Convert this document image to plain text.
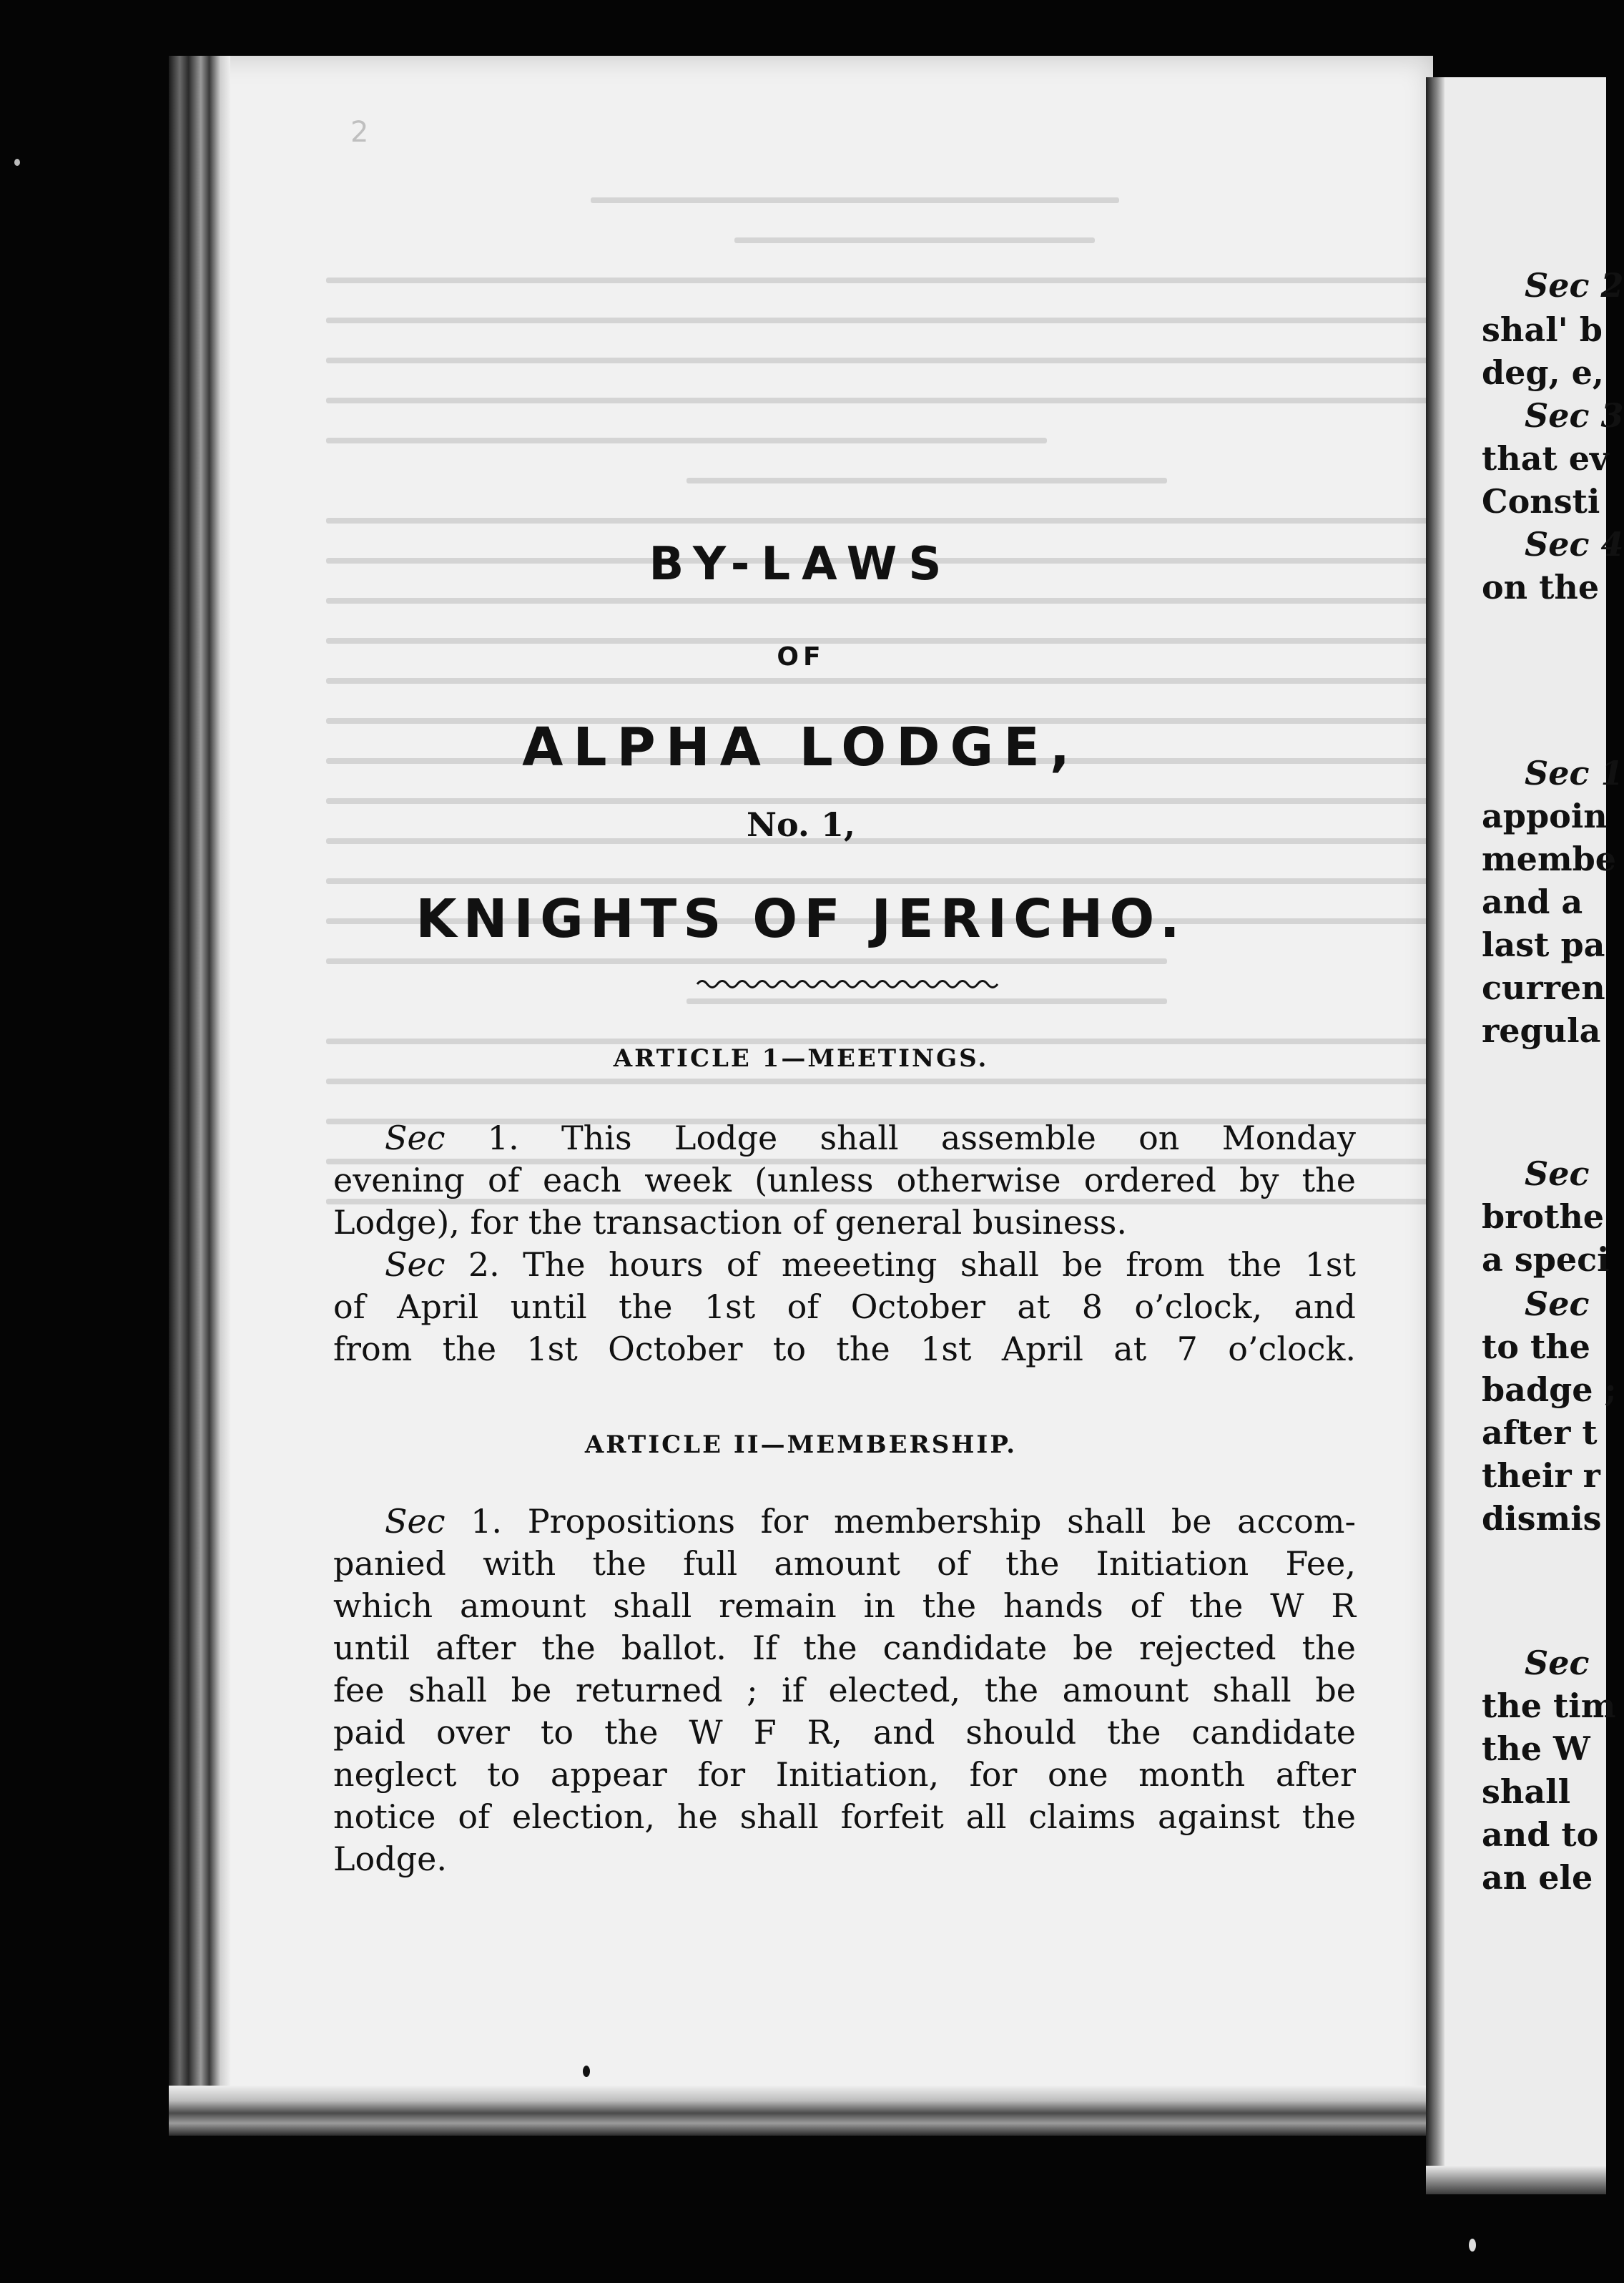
2
BY-LAWS
OF
ALPHA LODGE,
No. 1,
KNIGHTS OF JERICHO.
ARTICLE 1—MEETINGS.

Sec 1. This Lodge shall assemble on Monday
evening of each week (unless otherwise ordered by the
Lodge), for the transaction of general business.

Sec 2. The hours of meeeting shall be from the 1st
of April until the 1st of October at 8 o’clock, and
from the 1st October to the 1st April at 7 o’clock.

ARTICLE II—MEMBERSHIP.

Sec 1. Propositions for membership shall be accom-
panied with the full amount of the Initiation Fee,
which amount shall remain in the hands of the W R
until after the ballot. If the candidate be rejected the
fee shall be returned ; if elected, the amount shall be
paid over to the W F R, and should the candidate
neglect to appear for Initiation, for one month after
notice of election, he shall forfeit all claims against the
Lodge.

Sec 2
shal' b
deg, e,
Sec 3
that ev
Consti
Sec 4
on the
Sec 1
appoin
membe
and a
last pa
curren
regula
Sec
brothe
a speci
Sec
to the
badge ;
after t
their r
dismis
Sec
the tim
the W
shall
and to
an ele
